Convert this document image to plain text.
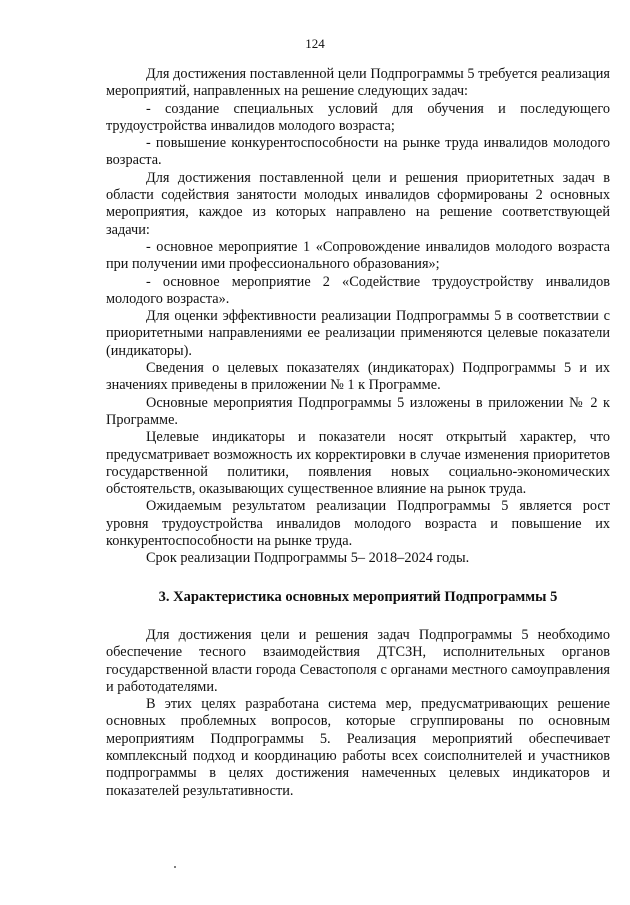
124

Для достижения поставленной цели Подпрограммы 5 требуется реализация мероприятий, направленных на решение следующих задач:

- создание специальных условий для обучения и последующего трудоустройства инвалидов молодого возраста;

- повышение конкурентоспособности на рынке труда инвалидов молодого возраста.

Для достижения поставленной цели и решения приоритетных задач в области содействия занятости молодых инвалидов сформированы 2 основных мероприятия, каждое из которых направлено на решение соответствующей задачи:

- основное мероприятие 1 «Сопровождение инвалидов молодого возраста при получении ими профессионального образования»;

- основное мероприятие 2 «Содействие трудоустройству инвалидов молодого возраста».

Для оценки эффективности реализации Подпрограммы 5 в соответствии с приоритетными направлениями ее реализации применяются целевые показатели (индикаторы).

Сведения о целевых показателях (индикаторах) Подпрограммы 5 и их значениях приведены в приложении № 1 к Программе.

Основные мероприятия Подпрограммы 5 изложены в приложении № 2 к Программе.

Целевые индикаторы и показатели носят открытый характер, что предусматривает возможность их корректировки в случае изменения приоритетов государственной политики, появления новых социально-экономических обстоятельств, оказывающих существенное влияние на рынок труда.

Ожидаемым результатом реализации Подпрограммы 5 является рост уровня трудоустройства инвалидов молодого возраста и повышение их конкурентоспособности на рынке труда.

Срок реализации Подпрограммы 5– 2018–2024 годы.

3. Характеристика основных мероприятий Подпрограммы 5

Для достижения цели и решения задач Подпрограммы 5 необходимо обеспечение тесного взаимодействия ДТСЗН, исполнительных органов государственной власти города Севастополя с органами местного самоуправления и работодателями.

В этих целях разработана система мер, предусматривающих решение основных проблемных вопросов, которые сгруппированы по основным мероприятиям Подпрограммы 5. Реализация мероприятий обеспечивает комплексный подход и координацию работы всех соисполнителей и участников подпрограммы в целях достижения намеченных целевых индикаторов и показателей результативности.
